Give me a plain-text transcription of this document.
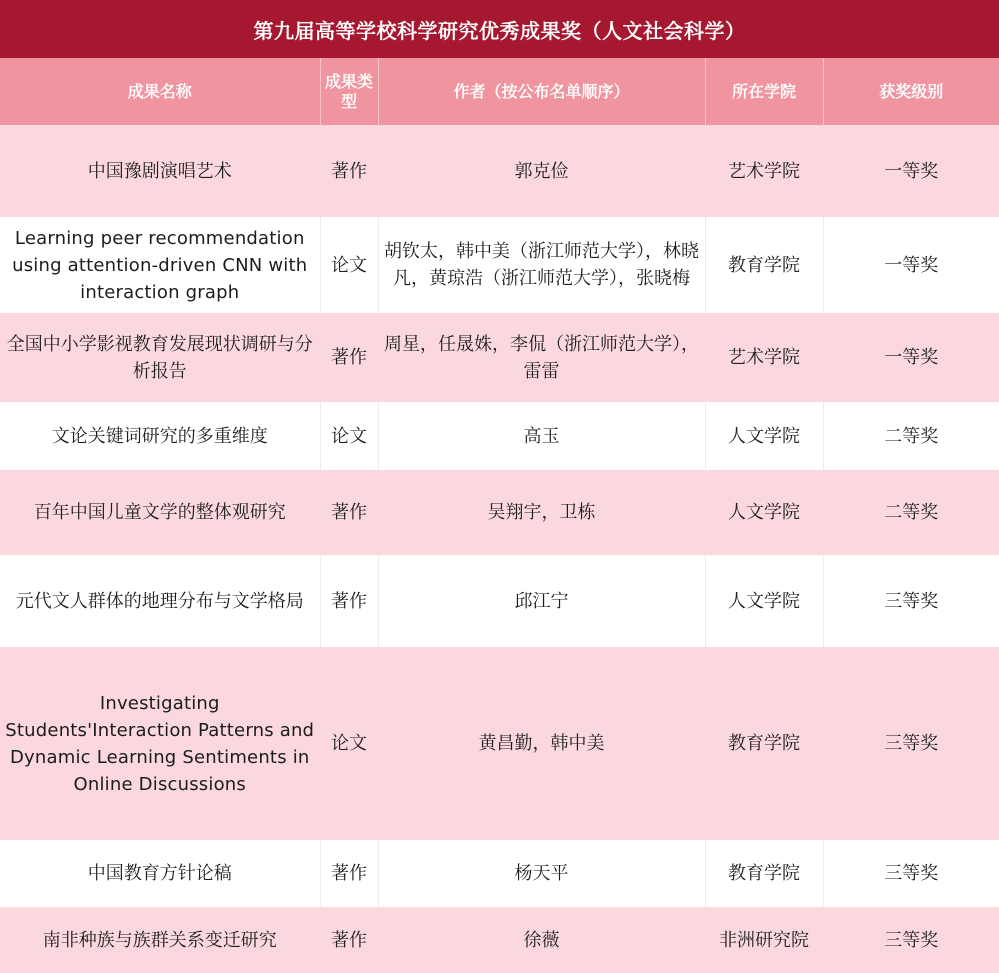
第九届高等学校科学研究优秀成果奖（人文社会科学）
成果名称	成果类型	作者（按公布名单顺序）	所在学院	获奖级别
中国豫剧演唱艺术	著作	郭克俭	艺术学院	一等奖
Learning peer recommendation using attention-driven CNN with interaction graph	论文	胡钦太，韩中美（浙江师范大学），林晓凡，黄琼浩（浙江师范大学），张晓梅	教育学院	一等奖
全国中小学影视教育发展现状调研与分析报告	著作	周星，任晟姝，李侃（浙江师范大学），雷雷	艺术学院	一等奖
文论关键词研究的多重维度	论文	高玉	人文学院	二等奖
百年中国儿童文学的整体观研究	著作	吴翔宇，卫栋	人文学院	二等奖
元代文人群体的地理分布与文学格局	著作	邱江宁	人文学院	三等奖
Investigating Students'Interaction Patterns and Dynamic Learning Sentiments in Online Discussions	论文	黄昌勤，韩中美	教育学院	三等奖
中国教育方针论稿	著作	杨天平	教育学院	三等奖
南非种族与族群关系变迁研究	著作	徐薇	非洲研究院	三等奖
